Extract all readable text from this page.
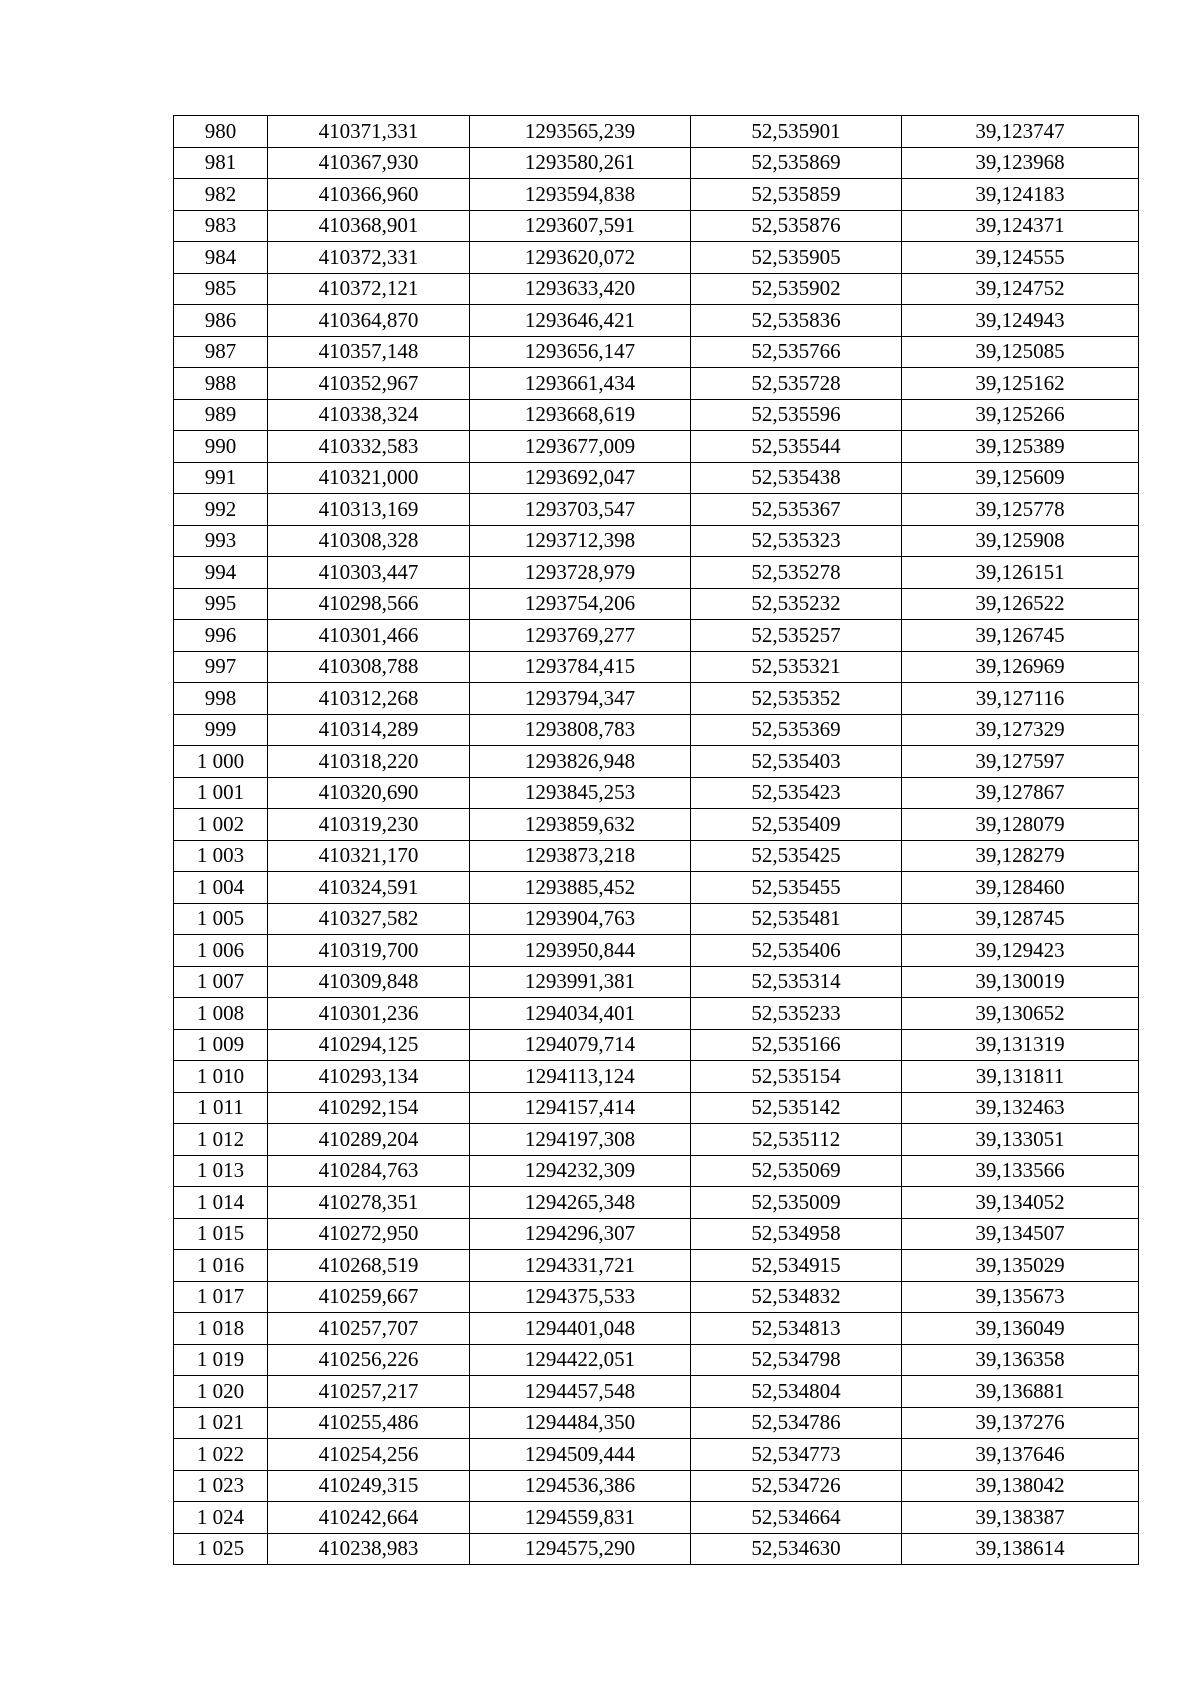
980	410371,331	1293565,239	52,535901	39,123747
981	410367,930	1293580,261	52,535869	39,123968
982	410366,960	1293594,838	52,535859	39,124183
983	410368,901	1293607,591	52,535876	39,124371
984	410372,331	1293620,072	52,535905	39,124555
985	410372,121	1293633,420	52,535902	39,124752
986	410364,870	1293646,421	52,535836	39,124943
987	410357,148	1293656,147	52,535766	39,125085
988	410352,967	1293661,434	52,535728	39,125162
989	410338,324	1293668,619	52,535596	39,125266
990	410332,583	1293677,009	52,535544	39,125389
991	410321,000	1293692,047	52,535438	39,125609
992	410313,169	1293703,547	52,535367	39,125778
993	410308,328	1293712,398	52,535323	39,125908
994	410303,447	1293728,979	52,535278	39,126151
995	410298,566	1293754,206	52,535232	39,126522
996	410301,466	1293769,277	52,535257	39,126745
997	410308,788	1293784,415	52,535321	39,126969
998	410312,268	1293794,347	52,535352	39,127116
999	410314,289	1293808,783	52,535369	39,127329
1 000	410318,220	1293826,948	52,535403	39,127597
1 001	410320,690	1293845,253	52,535423	39,127867
1 002	410319,230	1293859,632	52,535409	39,128079
1 003	410321,170	1293873,218	52,535425	39,128279
1 004	410324,591	1293885,452	52,535455	39,128460
1 005	410327,582	1293904,763	52,535481	39,128745
1 006	410319,700	1293950,844	52,535406	39,129423
1 007	410309,848	1293991,381	52,535314	39,130019
1 008	410301,236	1294034,401	52,535233	39,130652
1 009	410294,125	1294079,714	52,535166	39,131319
1 010	410293,134	1294113,124	52,535154	39,131811
1 011	410292,154	1294157,414	52,535142	39,132463
1 012	410289,204	1294197,308	52,535112	39,133051
1 013	410284,763	1294232,309	52,535069	39,133566
1 014	410278,351	1294265,348	52,535009	39,134052
1 015	410272,950	1294296,307	52,534958	39,134507
1 016	410268,519	1294331,721	52,534915	39,135029
1 017	410259,667	1294375,533	52,534832	39,135673
1 018	410257,707	1294401,048	52,534813	39,136049
1 019	410256,226	1294422,051	52,534798	39,136358
1 020	410257,217	1294457,548	52,534804	39,136881
1 021	410255,486	1294484,350	52,534786	39,137276
1 022	410254,256	1294509,444	52,534773	39,137646
1 023	410249,315	1294536,386	52,534726	39,138042
1 024	410242,664	1294559,831	52,534664	39,138387
1 025	410238,983	1294575,290	52,534630	39,138614
